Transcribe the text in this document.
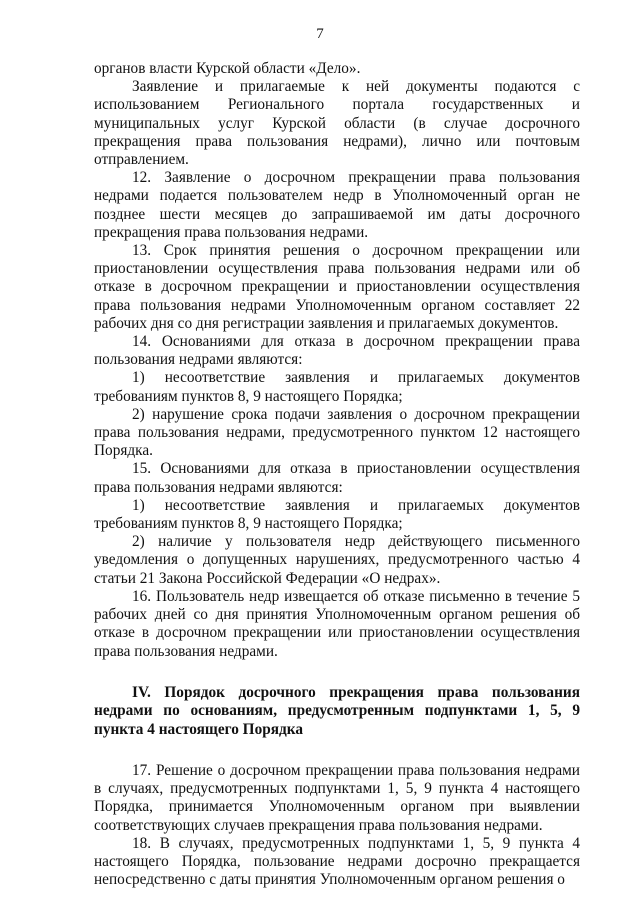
7

органов власти Курской области «Дело».

Заявление и прилагаемые к ней документы подаются с использованием Регионального портала государственных и муниципальных услуг Курской области (в случае досрочного прекращения права пользования недрами), лично или почтовым отправлением.

12. Заявление о досрочном прекращении права пользования недрами подается пользователем недр в Уполномоченный орган не позднее шести месяцев до запрашиваемой им даты досрочного прекращения права пользования недрами.

13. Срок принятия решения о досрочном прекращении или приостановлении осуществления права пользования недрами или об отказе в досрочном прекращении и приостановлении осуществления права пользования недрами Уполномоченным органом составляет 22 рабочих дня со дня регистрации заявления и прилагаемых документов.

14. Основаниями для отказа в досрочном прекращении права пользования недрами являются:

1) несоответствие заявления и прилагаемых документов требованиям пунктов 8, 9 настоящего Порядка;

2) нарушение срока подачи заявления о досрочном прекращении права пользования недрами, предусмотренного пунктом 12 настоящего Порядка.

15. Основаниями для отказа в приостановлении осуществления права пользования недрами являются:

1) несоответствие заявления и прилагаемых документов требованиям пунктов 8, 9 настоящего Порядка;

2) наличие у пользователя недр действующего письменного уведомления о допущенных нарушениях, предусмотренного частью 4 статьи 21 Закона Российской Федерации «О недрах».

16. Пользователь недр извещается об отказе письменно в течение 5 рабочих дней со дня принятия Уполномоченным органом решения об отказе в досрочном прекращении или приостановлении осуществления права пользования недрами.

IV. Порядок досрочного прекращения права пользования недрами по основаниям, предусмотренным подпунктами 1, 5, 9 пункта 4 настоящего Порядка

17. Решение о досрочном прекращении права пользования недрами в случаях, предусмотренных подпунктами 1, 5, 9 пункта 4 настоящего Порядка, принимается Уполномоченным органом при выявлении соответствующих случаев прекращения права пользования недрами.

18. В случаях, предусмотренных подпунктами 1, 5, 9 пункта 4 настоящего Порядка, пользование недрами досрочно прекращается непосредственно с даты принятия Уполномоченным органом решения о
